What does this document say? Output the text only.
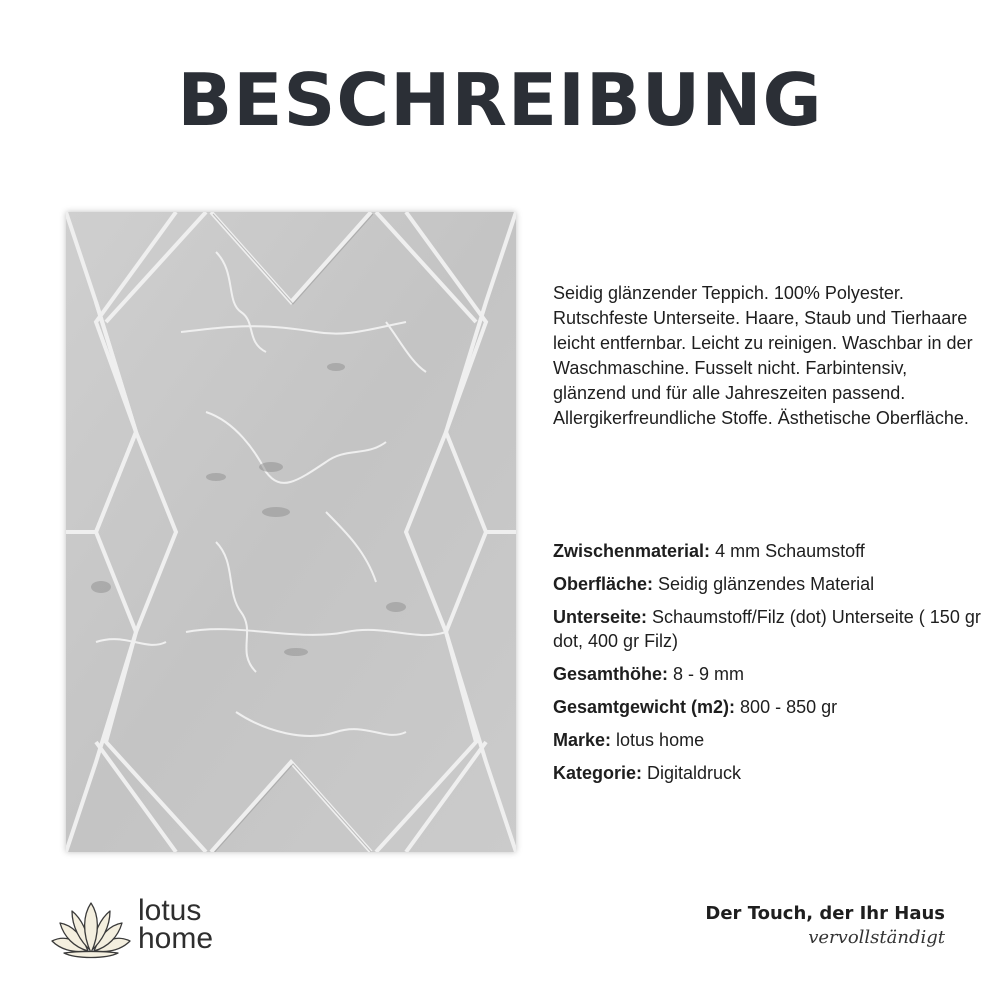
BESCHREIBUNG
Seidig glänzender Teppich. 100% Polyester. Rutschfeste Unterseite. Haare, Staub und Tierhaare leicht entfernbar. Leicht zu reinigen. Waschbar in der Waschmaschine. Fusselt nicht. Farbintensiv, glänzend und für alle Jahreszeiten passend. Allergikerfreundliche Stoffe. Ästhetische Oberfläche.
Zwischenmaterial: 4 mm Schaumstoff
Oberfläche: Seidig glänzendes Material
Unterseite: Schaumstoff/Filz (dot) Unterseite ( 150 gr dot, 400 gr Filz)
Gesamthöhe: 8 - 9 mm
Gesamtgewicht (m2): 800 - 850 gr
Marke: lotus home
Kategorie: Digitaldruck
lotus
home
Der Touch, der Ihr Haus
vervollständigt
